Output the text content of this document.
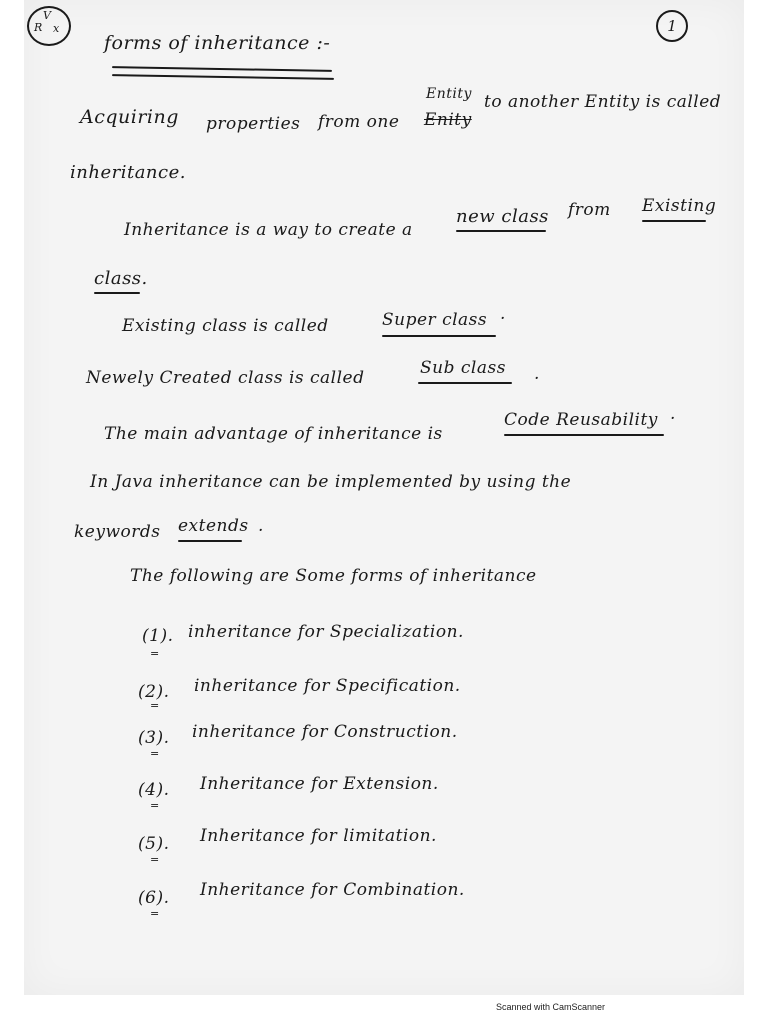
V
R x	1
forms of inheritance :-
Acquiring properties from one
Entity
Enity
to another Entity is called
inheritance.
Inheritance is a way to create a
new class from Existing
class.
Existing class is called	Super class .
Newely Created class is called	Sub class .
The main advantage of inheritance is
Code Reusability .
In Java inheritance can be implemented by using the
keywords extends .
The following are Some forms of inheritance
(1). inheritance for Specialization.
=
(2). inheritance for Specification.
=
(3). inheritance for Construction.
=
(4). Inheritance for Extension.
=
(5). Inheritance for limitation.
=
(6). Inheritance for Combination.
=
Scanned with CamScanner
